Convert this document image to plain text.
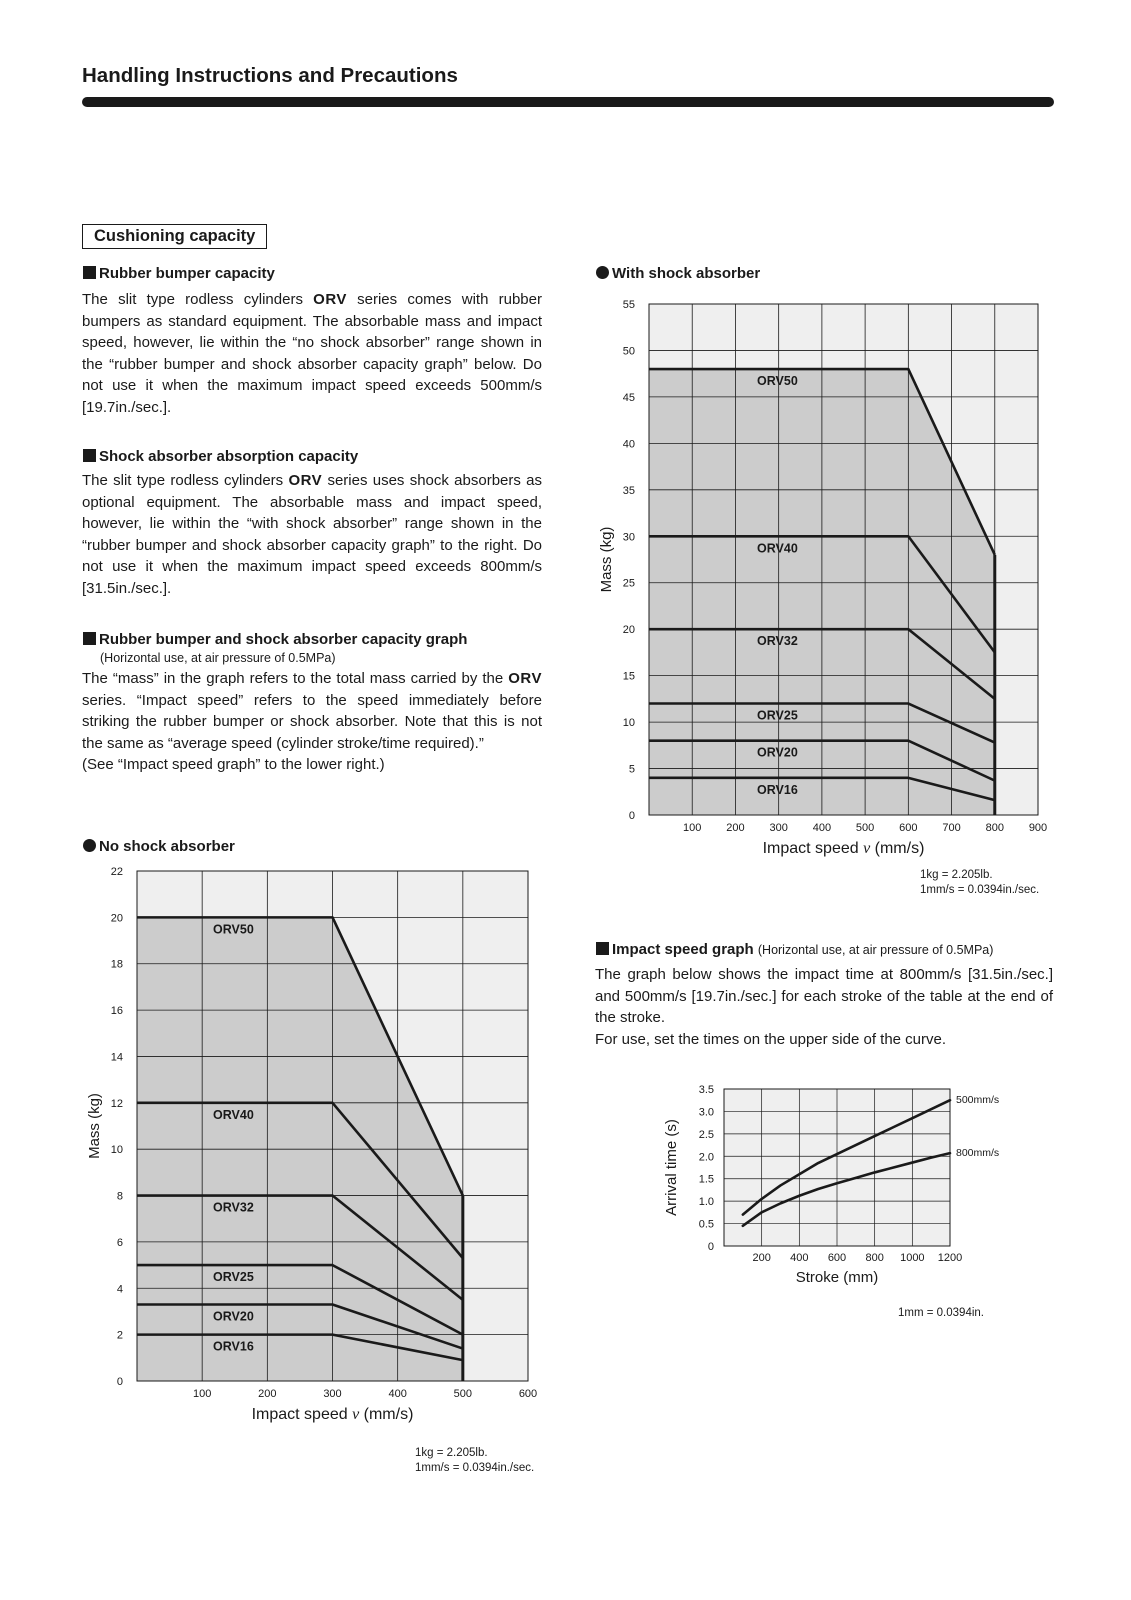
Handling Instructions and Precautions
Cushioning capacity
Rubber bumper capacity
The slit type rodless cylinders ORV series comes with rubber bumpers as standard equipment. The absorbable mass and impact speed, however, lie within the “no shock absorber” range shown in the “rubber bumper and shock absorber capacity graph” below. Do not use it when the maximum impact speed exceeds 500mm/s [19.7in./sec.].
Shock absorber absorption capacity
The slit type rodless cylinders ORV series uses shock absorbers as optional equipment. The absorbable mass and impact speed, however, lie within the “with shock absorber” range shown in the “rubber bumper and shock absorber capacity graph” to the right. Do not use it when the maximum impact speed exceeds 800mm/s [31.5in./sec.].
Rubber bumper and shock absorber capacity graph
(Horizontal use, at air pressure of 0.5MPa)
The “mass” in the graph refers to the total mass carried by the ORV series. “Impact speed” refers to the speed immediately before striking the rubber bumper or shock absorber. Note that this is not the same as “average speed (cylinder stroke/time required).”
(See “Impact speed graph” to the lower right.)
No shock absorber
With shock absorber
ORV50
ORV40
ORV32
ORV25
ORV20
ORV16
100	200	300	400	500	600
0
2
4
6
8
10
12
14
16
18
20
22
Impact speed v (mm/s)
Mass (kg)
ORV50
ORV40
ORV32
ORV25
ORV20
ORV16
100 200 300 400 500 600 700 800 900
0
5
10
15
20
25
30
35
40
45
50
55
Impact speed v (mm/s)
Mass (kg)
500mm/s
800mm/s
200 400 600 800 1000 1200
0
0.5
1.0
1.5
2.0
2.5
3.0
3.5
Stroke (mm)
Arrival time (s)
1kg = 2.205lb.
1mm/s = 0.0394in./sec.
1kg = 2.205lb.
1mm/s = 0.0394in./sec.
Impact speed graph (Horizontal use, at air pressure of 0.5MPa)
The graph below shows the impact time at 800mm/s [31.5in./sec.] and 500mm/s [19.7in./sec.] for each stroke of the table at the end of the stroke.
For use, set the times on the upper side of the curve.
1mm = 0.0394in.
